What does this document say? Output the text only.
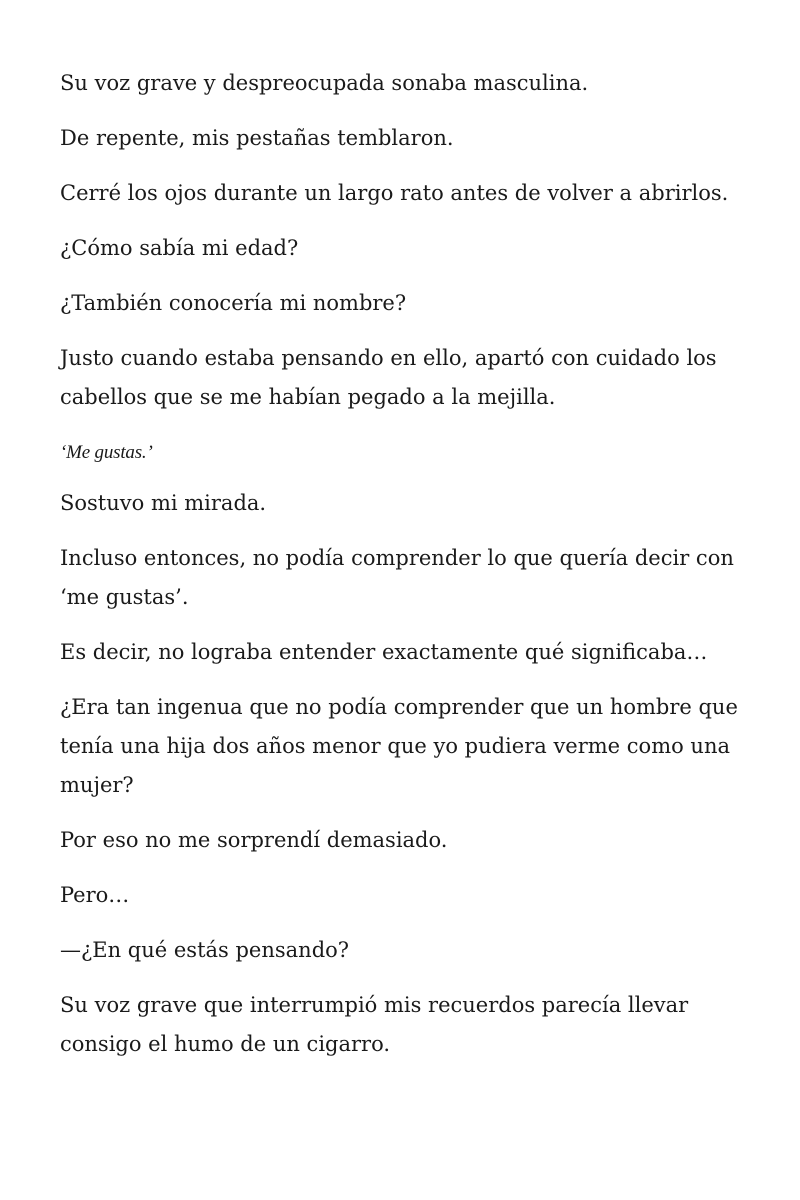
Su voz grave y despreocupada sonaba masculina.

De repente, mis pestañas temblaron.

Cerré los ojos durante un largo rato antes de volver a abrirlos.

¿Cómo sabía mi edad?

¿También conocería mi nombre?

Justo cuando estaba pensando en ello, apartó con cuidado los cabellos que se me habían pegado a la mejilla.

‘Me gustas.’

Sostuvo mi mirada.

Incluso entonces, no podía comprender lo que quería decir con ‘me gustas’.

Es decir, no lograba entender exactamente qué significaba…

¿Era tan ingenua que no podía comprender que un hombre que tenía una hija dos años menor que yo pudiera verme como una mujer?

Por eso no me sorprendí demasiado.

Pero…

—¿En qué estás pensando?

Su voz grave que interrumpió mis recuerdos parecía llevar consigo el humo de un cigarro.
